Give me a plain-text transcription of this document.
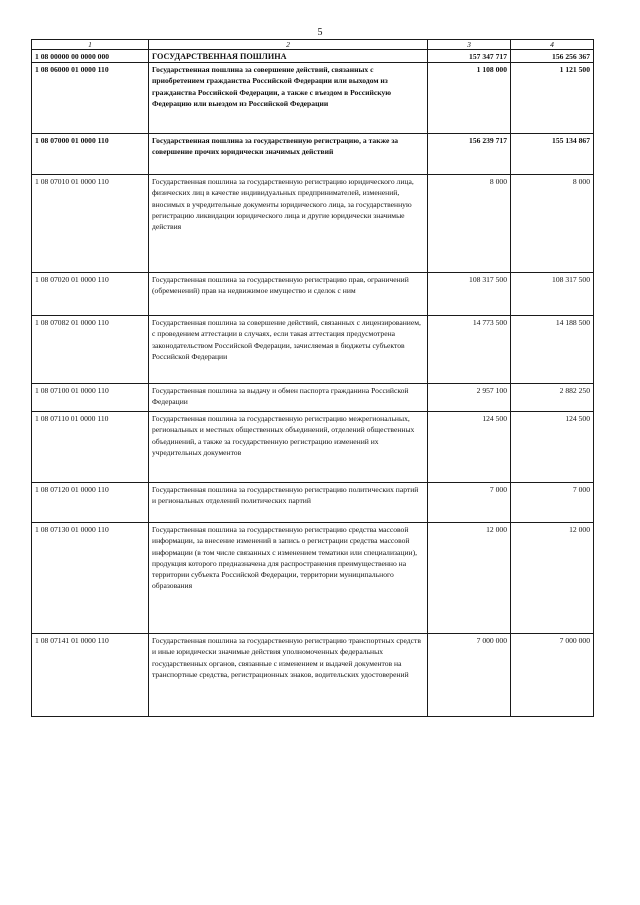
5
1	2	3	4
1 08 00000 00 0000 000	ГОСУДАРСТВЕННАЯ ПОШЛИНА	157 347 717	156 256 367
1 08 06000 01 0000 110	Государственная пошлина за совершение действий, связанных с приобретением гражданства Российской Федерации или выходом из гражданства Российской Федерации, а также с въездом в Российскую Федерацию или выездом из Российской Федерации	1 108 000	1 121 500
1 08 07000 01 0000 110	Государственная пошлина за государственную регистрацию, а также за совершение прочих юридически значимых действий	156 239 717	155 134 867
1 08 07010 01 0000 110	Государственная пошлина за государственную регистрацию юридического лица, физических лиц в качестве индивидуальных предпринимателей, изменений, вносимых в учредительные документы юридического лица, за государственную регистрацию ликвидации юридического лица и другие юридически значимые действия	8 000	8 000
1 08 07020 01 0000 110	Государственная пошлина за государственную регистрацию прав, ограничений (обременений) прав на недвижимое имущество и сделок с ним	108 317 500	108 317 500
1 08 07082 01 0000 110	Государственная пошлина за совершение действий, связанных с лицензированием, с проведением аттестации в случаях, если такая аттестация предусмотрена законодательством Российской Федерации, зачисляемая в бюджеты субъектов Российской Федерации	14 773 500	14 188 500
1 08 07100 01 0000 110	Государственная пошлина за выдачу и обмен паспорта гражданина Российской Федерации	2 957 100	2 882 250
1 08 07110 01 0000 110	Государственная пошлина за государственную регистрацию межрегиональных, региональных и местных общественных объединений, отделений общественных объединений, а также за государственную регистрацию изменений их учредительных документов	124 500	124 500
1 08 07120 01 0000 110	Государственная пошлина за государственную регистрацию политических партий и региональных отделений политических партий	7 000	7 000
1 08 07130 01 0000 110	Государственная пошлина за государственную регистрацию средства массовой информации, за внесение изменений в запись о регистрации средства массовой информации (в том числе связанных с изменением тематики или специализации), продукция которого предназначена для распространения преимущественно на территории субъекта Российской Федерации, территории муниципального образования	12 000	12 000
1 08 07141 01 0000 110	Государственная пошлина за государственную регистрацию транспортных средств и иные юридически значимые действия уполномоченных федеральных государственных органов, связанные с изменением и выдачей документов на транспортные средства, регистрационных знаков, водительских удостоверений	7 000 000	7 000 000
